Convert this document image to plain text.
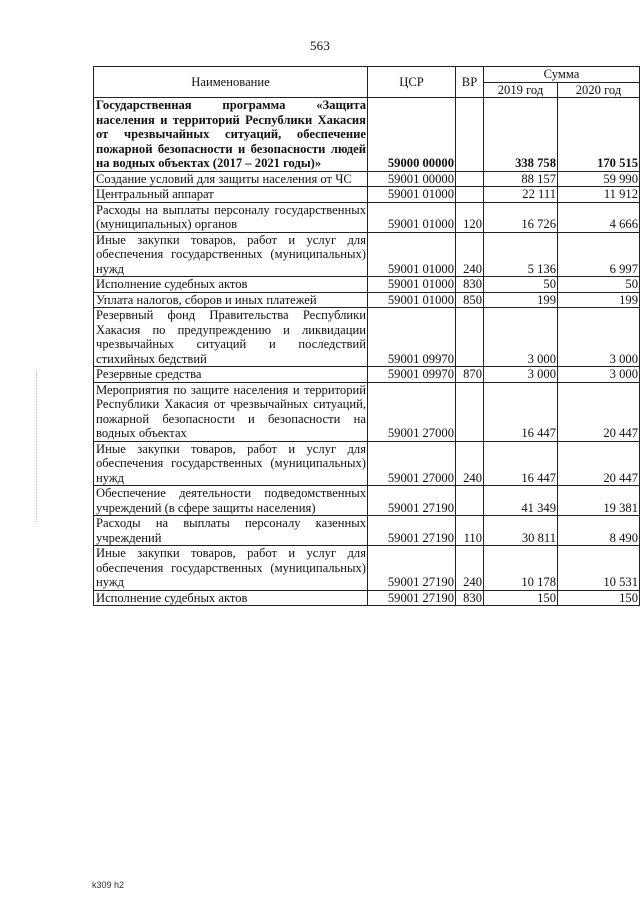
563
Наименование	ЦСР	ВР	Сумма	
			2019 год	2020 год
Государственная программа «Защита населения и территорий Республики Хакасия от чрезвычайных ситуаций, обеспечение пожарной безопасности и безопасности людей на водных объектах (2017 – 2021 годы)»	59000 00000		338 758	170 515
Создание условий для защиты населения от ЧС	59001 00000		88 157	59 990
Центральный аппарат	59001 01000		22 111	11 912
Расходы на выплаты персоналу государственных (муниципальных) органов	59001 01000	120	16 726	4 666
Иные закупки товаров, работ и услуг для обеспечения государственных (муниципальных) нужд	59001 01000	240	5 136	6 997
Исполнение судебных актов	59001 01000	830	50	50
Уплата налогов, сборов и иных платежей	59001 01000	850	199	199
Резервный фонд Правительства Республики Хакасия по предупреждению и ликвидации чрезвычайных ситуаций и последствий стихийных бедствий	59001 09970		3 000	3 000
Резервные средства	59001 09970	870	3 000	3 000
Мероприятия по защите населения и территорий Республики Хакасия от чрезвычайных ситуаций, пожарной безопасности и безопасности на водных объектах	59001 27000		16 447	20 447
Иные закупки товаров, работ и услуг для обеспечения государственных (муниципальных) нужд	59001 27000	240	16 447	20 447
Обеспечение деятельности подведомственных учреждений (в сфере защиты населения)	59001 27190		41 349	19 381
Расходы на выплаты персоналу казенных учреждений	59001 27190	110	30 811	8 490
Иные закупки товаров, работ и услуг для обеспечения государственных (муниципальных) нужд	59001 27190	240	10 178	10 531
Исполнение судебных актов	59001 27190	830	150	150
k309 h2
